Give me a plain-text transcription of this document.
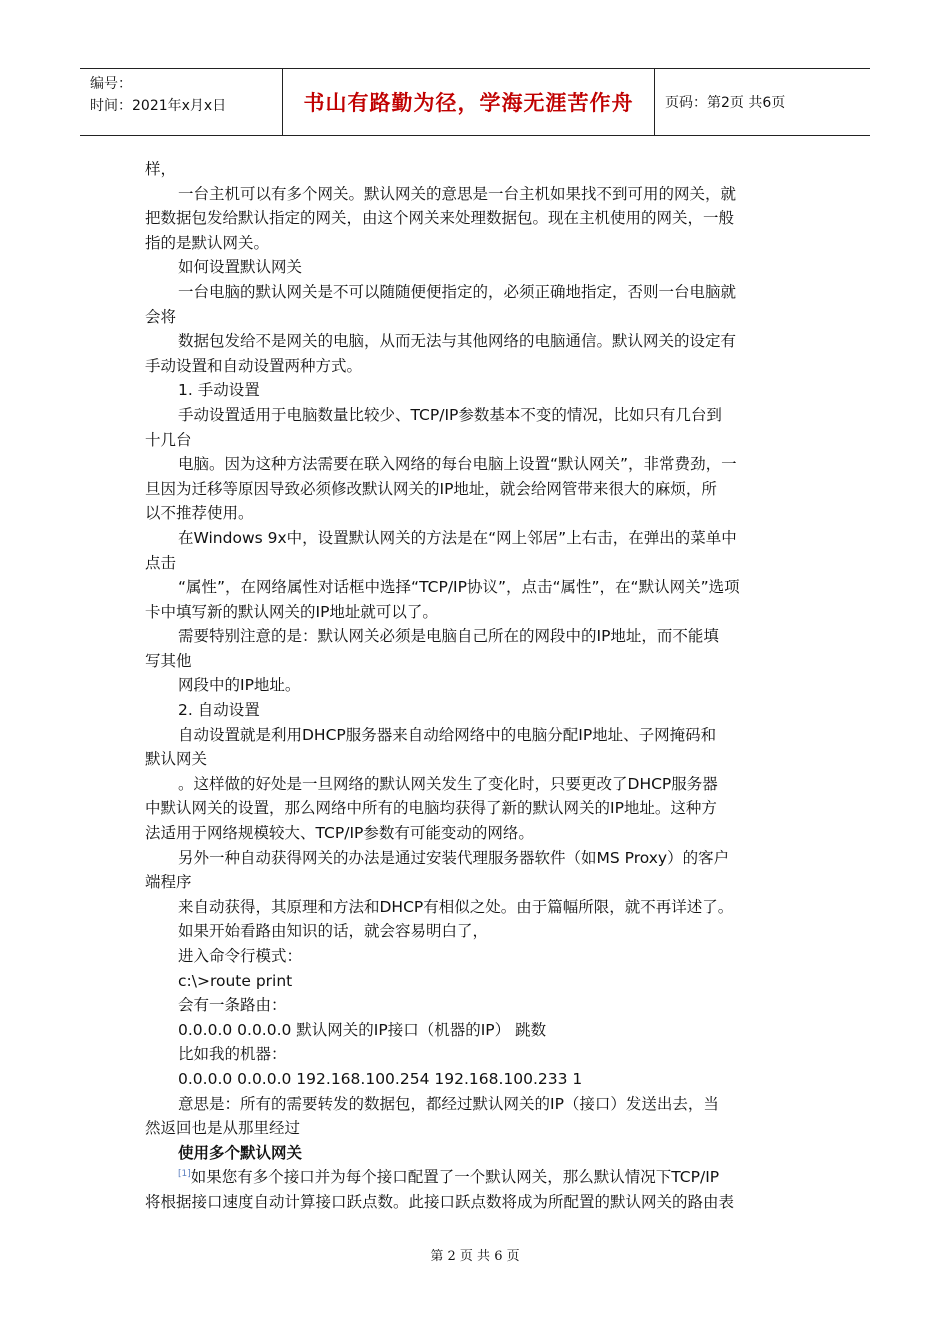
编号：
时间：2021年x月x日	书山有路勤为径，学海无涯苦作舟 页码：第2页 共6页

样，

一台主机可以有多个网关。默认网关的意思是一台主机如果找不到可用的网关，就

把数据包发给默认指定的网关，由这个网关来处理数据包。现在主机使用的网关，一般

指的是默认网关。

如何设置默认网关

一台电脑的默认网关是不可以随随便便指定的，必须正确地指定，否则一台电脑就

会将

数据包发给不是网关的电脑，从而无法与其他网络的电脑通信。默认网关的设定有

手动设置和自动设置两种方式。

1. 手动设置

手动设置适用于电脑数量比较少、TCP/IP参数基本不变的情况，比如只有几台到

十几台

电脑。因为这种方法需要在联入网络的每台电脑上设置“默认网关”，非常费劲，一

旦因为迁移等原因导致必须修改默认网关的IP地址，就会给网管带来很大的麻烦，所

以不推荐使用。

在Windows 9x中，设置默认网关的方法是在“网上邻居”上右击，在弹出的菜单中

点击

“属性”，在网络属性对话框中选择“TCP/IP协议”，点击“属性”，在“默认网关”选项

卡中填写新的默认网关的IP地址就可以了。

需要特别注意的是：默认网关必须是电脑自己所在的网段中的IP地址，而不能填

写其他

网段中的IP地址。

2. 自动设置

自动设置就是利用DHCP服务器来自动给网络中的电脑分配IP地址、子网掩码和

默认网关

。这样做的好处是一旦网络的默认网关发生了变化时，只要更改了DHCP服务器

中默认网关的设置，那么网络中所有的电脑均获得了新的默认网关的IP地址。这种方

法适用于网络规模较大、TCP/IP参数有可能变动的网络。

另外一种自动获得网关的办法是通过安装代理服务器软件（如MS Proxy）的客户

端程序

来自动获得，其原理和方法和DHCP有相似之处。由于篇幅所限，就不再详述了。

如果开始看路由知识的话，就会容易明白了，

进入命令行模式：

c:\>route print

会有一条路由：

0.0.0.0 0.0.0.0 默认网关的IP接口（机器的IP） 跳数

比如我的机器：

0.0.0.0 0.0.0.0 192.168.100.254 192.168.100.233 1

意思是：所有的需要转发的数据包，都经过默认网关的IP（接口）发送出去，当

然返回也是从那里经过

使用多个默认网关

[1]如果您有多个接口并为每个接口配置了一个默认网关，那么默认情况下TCP/IP

将根据接口速度自动计算接口跃点数。此接口跃点数将成为所配置的默认网关的路由表

第 2 页 共 6 页
